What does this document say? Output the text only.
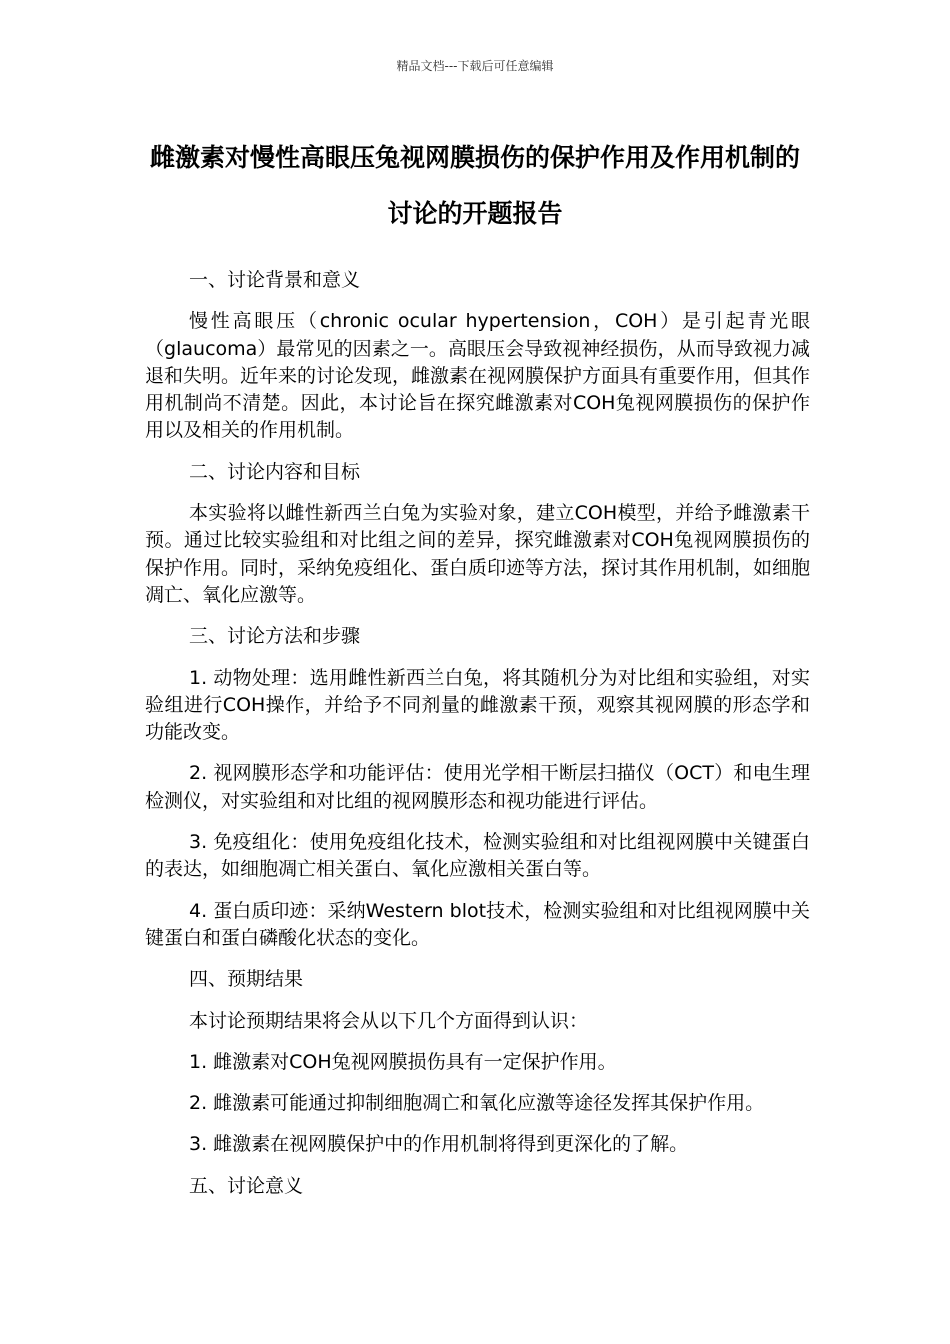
精品文档---下载后可任意编辑
雌激素对慢性高眼压兔视网膜损伤的保护作用及作用机制的讨论的开题报告

一、讨论背景和意义

慢性高眼压（chronic ocular hypertension，COH）是引起青光眼（glaucoma）最常见的因素之一。高眼压会导致视神经损伤，从而导致视力减退和失明。近年来的讨论发现，雌激素在视网膜保护方面具有重要作用，但其作用机制尚不清楚。因此，本讨论旨在探究雌激素对COH兔视网膜损伤的保护作用以及相关的作用机制。

二、讨论内容和目标

本实验将以雌性新西兰白兔为实验对象，建立COH模型，并给予雌激素干预。通过比较实验组和对比组之间的差异，探究雌激素对COH兔视网膜损伤的保护作用。同时，采纳免疫组化、蛋白质印迹等方法，探讨其作用机制，如细胞凋亡、氧化应激等。

三、讨论方法和步骤

1. 动物处理：选用雌性新西兰白兔，将其随机分为对比组和实验组，对实验组进行COH操作，并给予不同剂量的雌激素干预，观察其视网膜的形态学和功能改变。

2. 视网膜形态学和功能评估：使用光学相干断层扫描仪（OCT）和电生理检测仪，对实验组和对比组的视网膜形态和视功能进行评估。

3. 免疫组化：使用免疫组化技术，检测实验组和对比组视网膜中关键蛋白的表达，如细胞凋亡相关蛋白、氧化应激相关蛋白等。

4. 蛋白质印迹：采纳Western blot技术，检测实验组和对比组视网膜中关键蛋白和蛋白磷酸化状态的变化。

四、预期结果

本讨论预期结果将会从以下几个方面得到认识：

1. 雌激素对COH兔视网膜损伤具有一定保护作用。

2. 雌激素可能通过抑制细胞凋亡和氧化应激等途径发挥其保护作用。

3. 雌激素在视网膜保护中的作用机制将得到更深化的了解。

五、讨论意义
